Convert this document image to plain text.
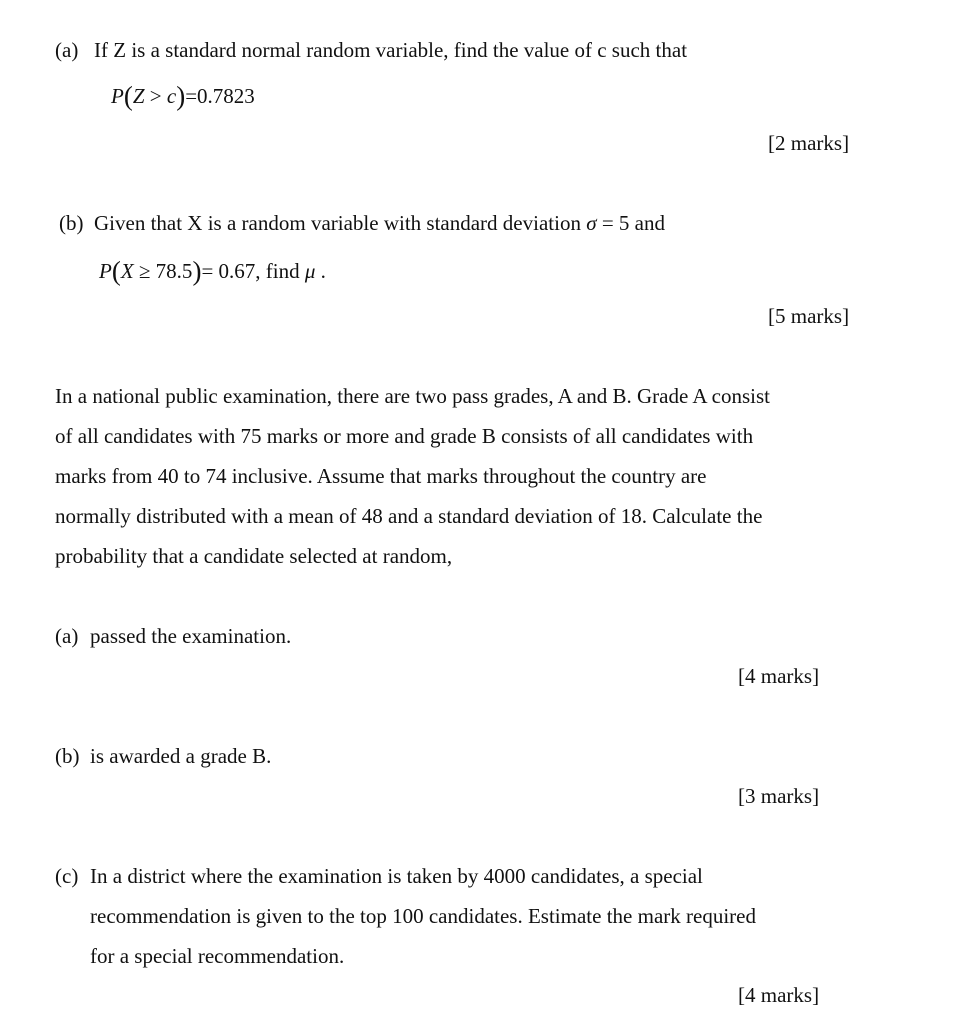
(a) If Z is a standard normal random variable, find the value of c such that
P(Z > c)=0.7823
[2 marks]
(b) Given that X is a random variable with standard deviation σ = 5 and
P(X ≥ 78.5)= 0.67, find μ .
[5 marks]
In a national public examination, there are two pass grades, A and B. Grade A consist
of all candidates with 75 marks or more and grade B consists of all candidates with
marks from 40 to 74 inclusive. Assume that marks throughout the country are
normally distributed with a mean of 48 and a standard deviation of 18. Calculate the
probability that a candidate selected at random,
(a) passed the examination.
[4 marks]
(b) is awarded a grade B.
[3 marks]
(c) In a district where the examination is taken by 4000 candidates, a special
recommendation is given to the top 100 candidates. Estimate the mark required
for a special recommendation.
[4 marks]
